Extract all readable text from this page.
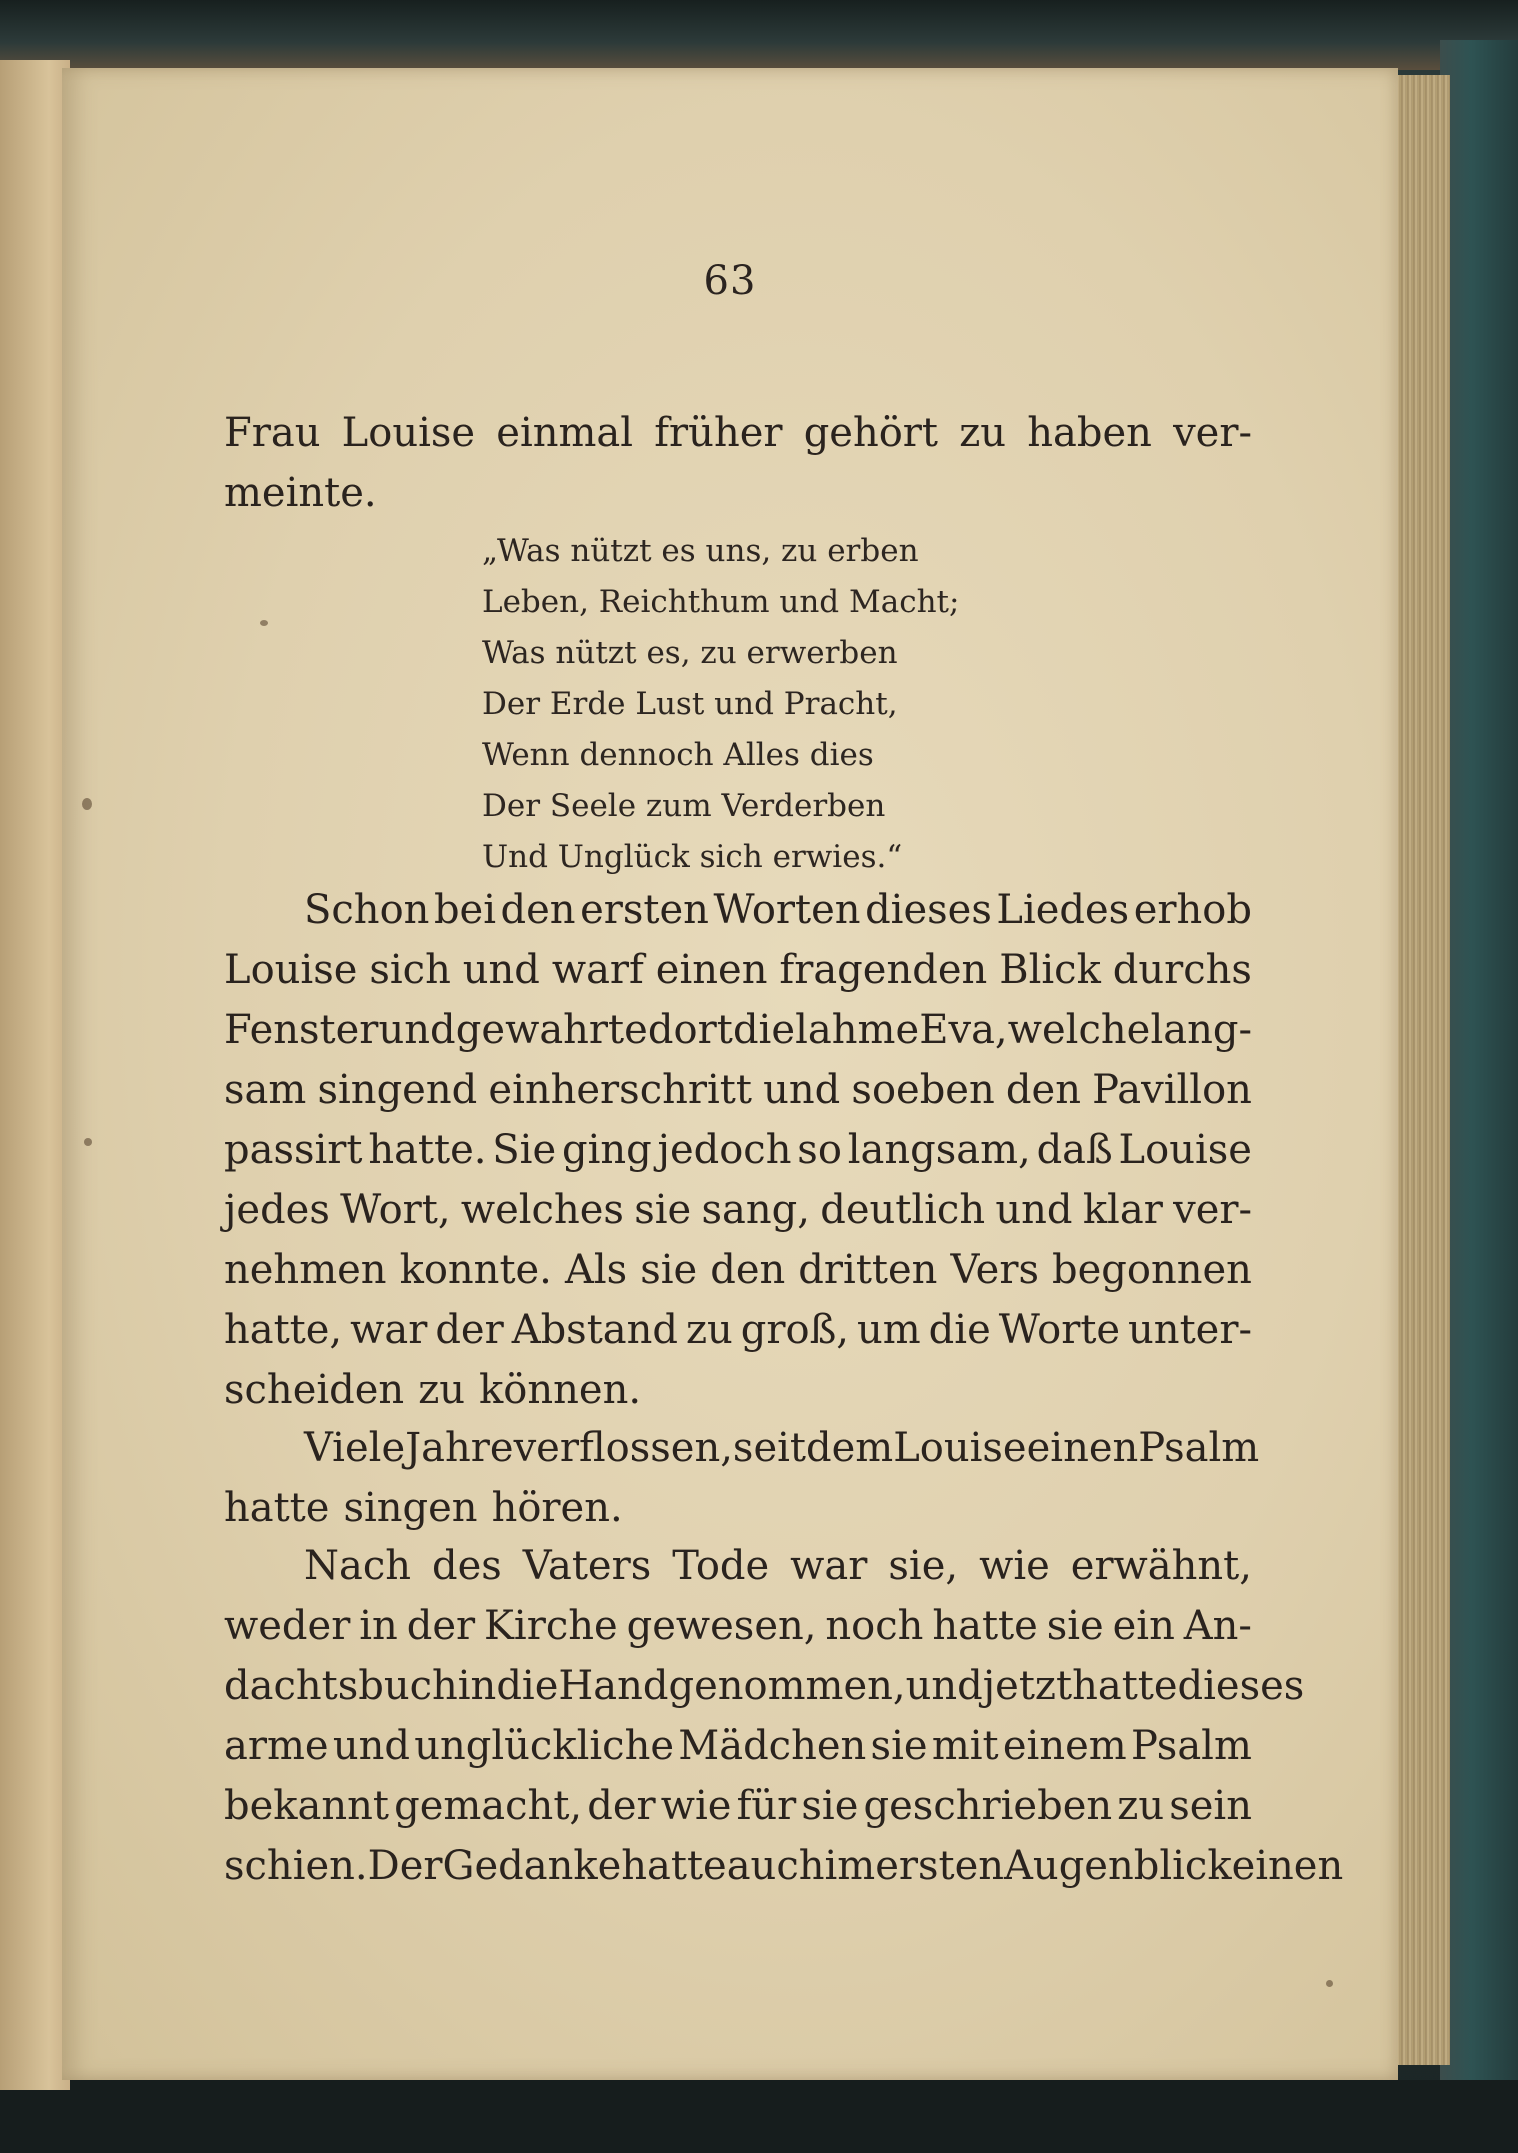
63
Frau Louise einmal früher gehört zu haben ver-
meinte.
„Was nützt es uns, zu erben
Leben, Reichthum und Macht;
Was nützt es, zu erwerben
Der Erde Lust und Pracht,
Wenn dennoch Alles dies
Der Seele zum Verderben
Und Unglück sich erwies.“
Schon bei den ersten Worten dieses Liedes erhob
Louise sich und warf einen fragenden Blick durchs
Fenster und gewahrte dort die lahme Eva, welche lang-
sam singend einherschritt und soeben den Pavillon
passirt hatte. Sie ging jedoch so langsam, daß Louise
jedes Wort, welches sie sang, deutlich und klar ver-
nehmen konnte. Als sie den dritten Vers begonnen
hatte, war der Abstand zu groß, um die Worte unter-
scheiden zu können.
Viele Jahre verflossen, seitdem Louise einen Psalm
hatte singen hören.
Nach des Vaters Tode war sie, wie erwähnt,
weder in der Kirche gewesen, noch hatte sie ein An-
dachtsbuch in die Hand genommen, und jetzt hatte dieses
arme und unglückliche Mädchen sie mit einem Psalm
bekannt gemacht, der wie für sie geschrieben zu sein
schien. Der Gedanke hatte auch im ersten Augenblick einen
